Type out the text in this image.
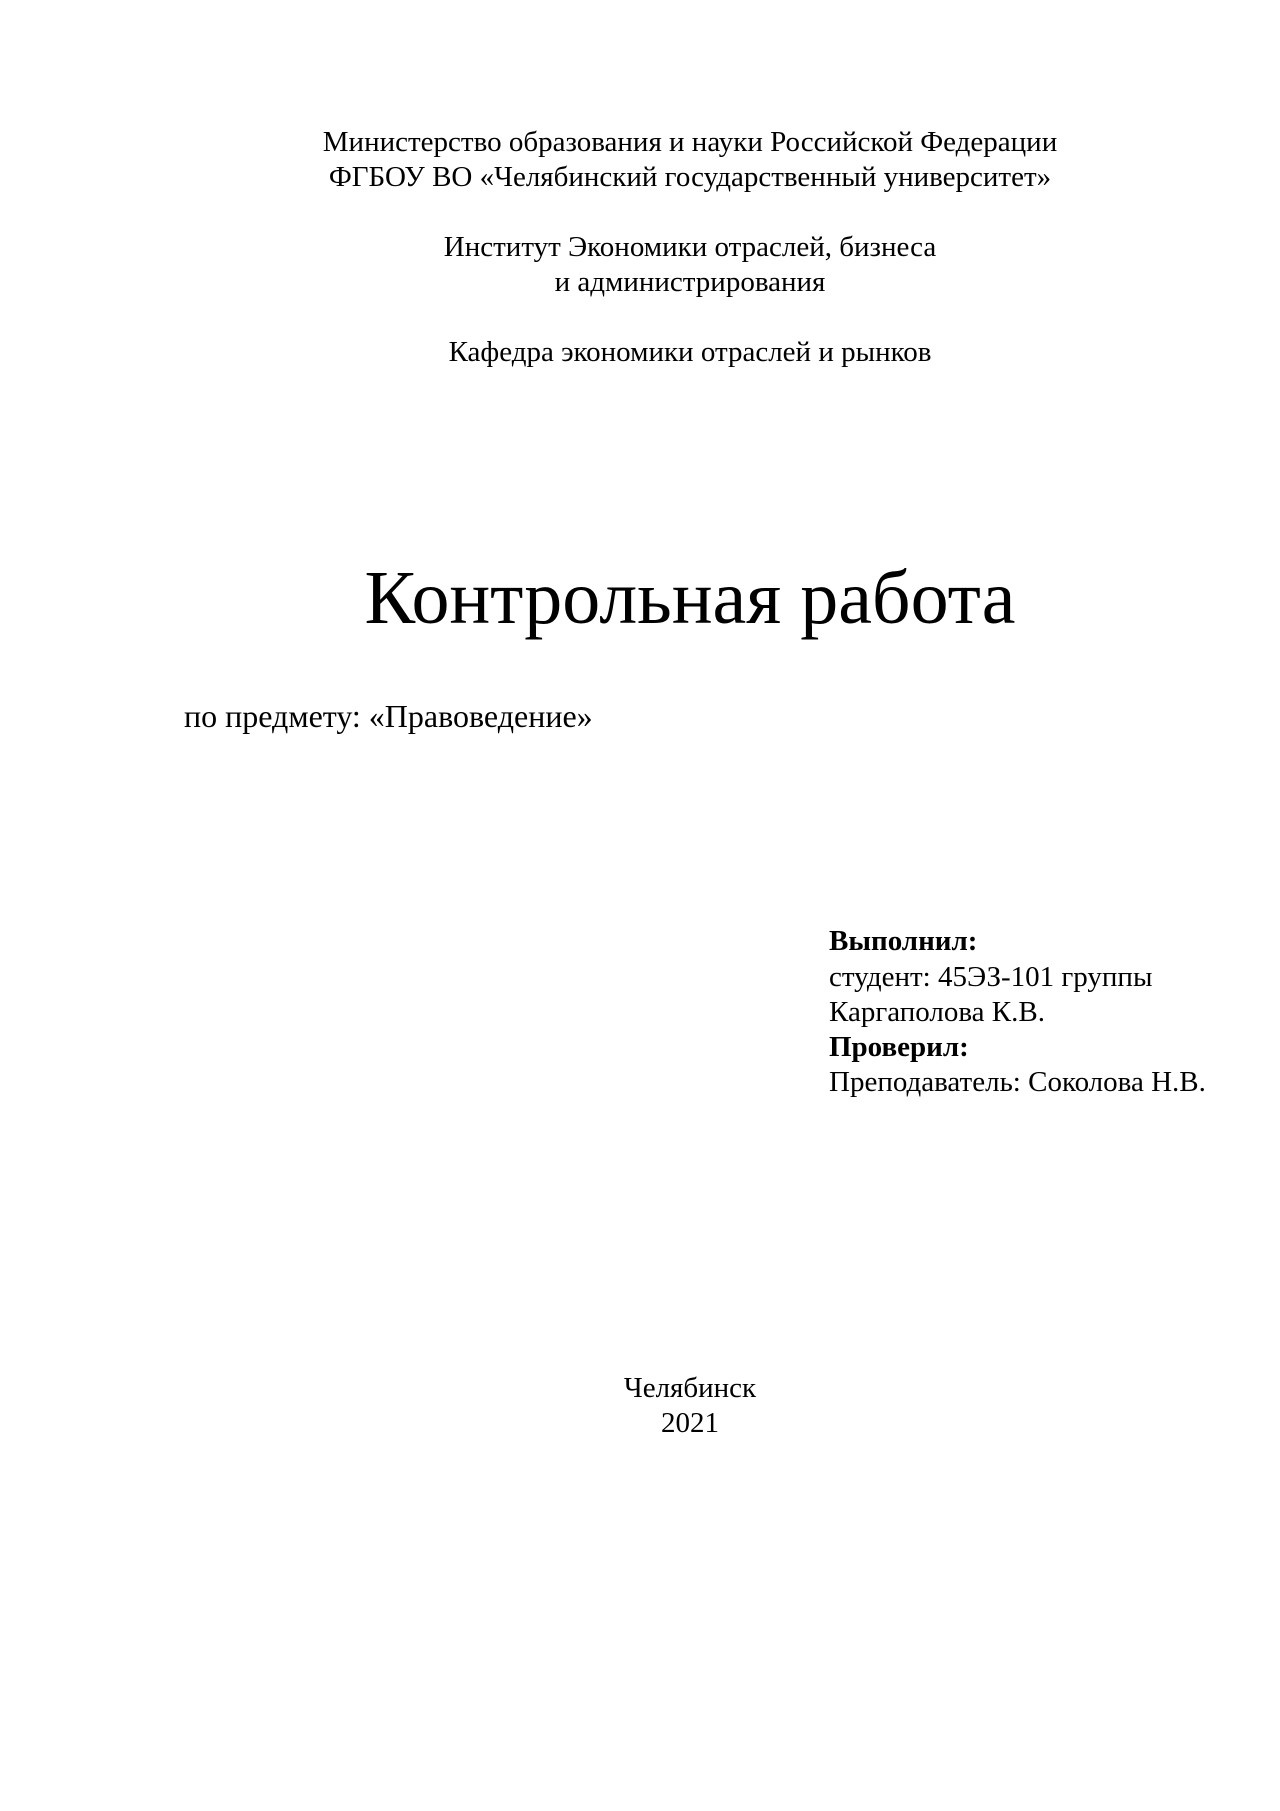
Министерство образования и науки Российской Федерации
ФГБОУ ВО «Челябинский государственный университет»
Институт Экономики отраслей, бизнеса
и администрирования
Кафедра экономики отраслей и рынков
Контрольная работа
по предмету: «Правоведение»
Выполнил:
студент: 45ЭЗ-101 группы
Каргаполова К.В.
Проверил:
Преподаватель: Соколова Н.В.
Челябинск
2021
